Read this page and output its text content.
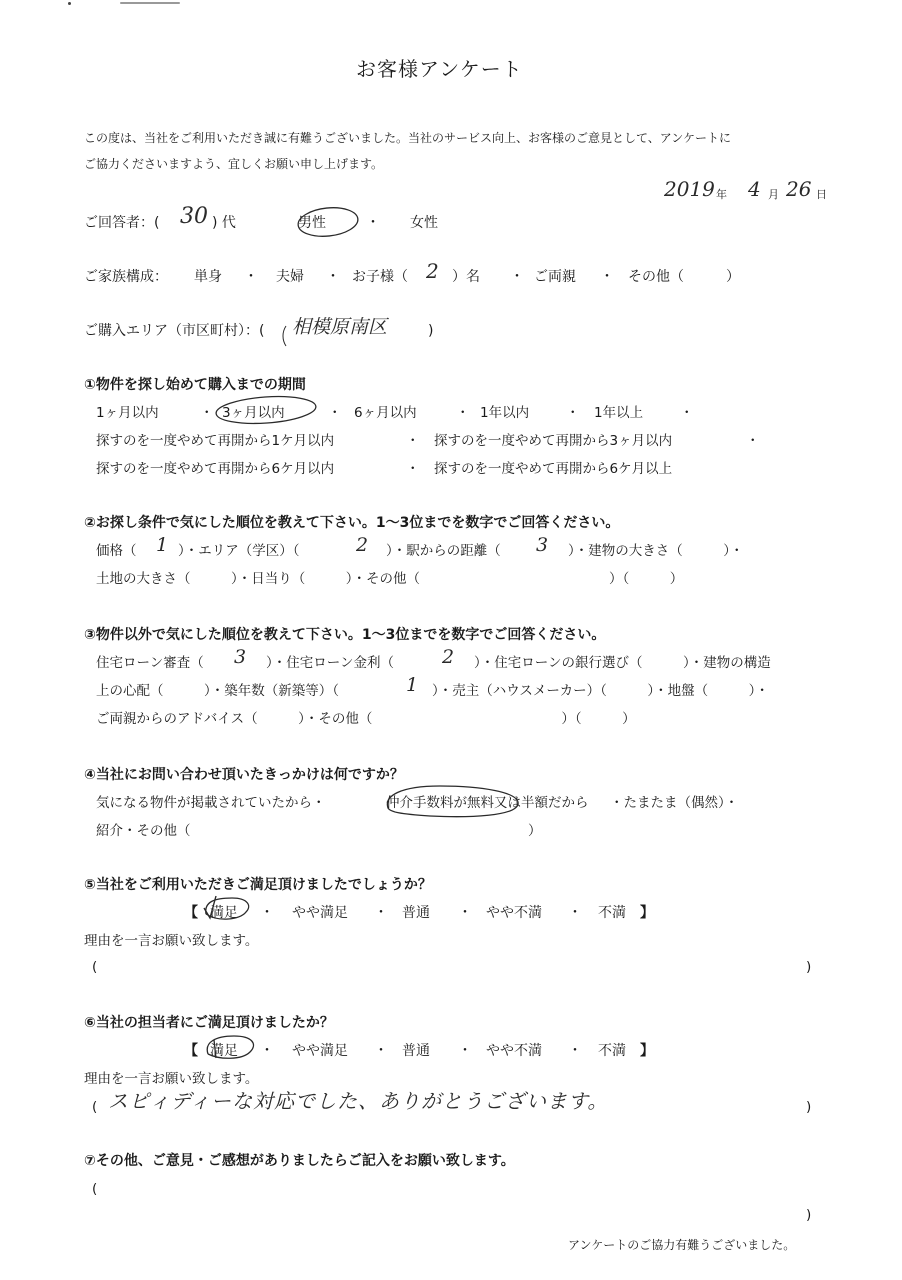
お客様アンケート
この度は、当社をご利用いただき誠に有難うございました。当社のサービス向上、お客様のご意見として、アンケートに
ご協力くださいますよう、宜しくお願い申し上げます。
2019 年 4 月 26 日
ご回答者：( 30 ) 代	男性	・ 女性
ご家族構成： 単身 ・ 夫婦 ・ お子様（ 2 ）名 ・ ご両親 ・ その他（　　　）
ご購入エリア（市区町村）：( 相模原南区	)
①物件を探し始めて購入までの期間
1ヶ月以内	・ 3ヶ月以内	・ 6ヶ月以内	・ 1年以内	・ 1年以上	・
探すのを一度やめて再開から1ケ月以内	・ 探すのを一度やめて再開から3ヶ月以内	・
探すのを一度やめて再開から6ケ月以内	・ 探すのを一度やめて再開から6ケ月以上
②お探し条件で気にした順位を教えて下さい。1～3位までを数字でご回答ください。
価格（ 1 ）・エリア（学区）（	2 ）・駅からの距離（ 3 ）・建物の大きさ（　　　）・
土地の大きさ（　　　）・日当り（　　　）・その他（　　　　　　　　　　　　　　）（　　　）
③物件以外で気にした順位を教えて下さい。1～3位までを数字でご回答ください。
住宅ローン審査（ 3 ）・住宅ローン金利（	2 ）・住宅ローンの銀行選び（　　　）・建物の構造
上の心配（　　　）・築年数（新築等）（	1 ）・売主（ハウスメーカー）（　　　）・地盤（　　　）・
ご両親からのアドバイス（　　　）・その他（　　　　　　　　　　　　　　）（　　　）
④当社にお問い合わせ頂いたきっかけは何ですか？
気になる物件が掲載されていたから・	仲介手数料が無料又は半額だから ・たまたま（偶然）・
紹介・その他（　　　　　　　　　　　　　　　　　　　　　　　　　）
⑤当社をご利用いただきご満足頂けましたでしょうか？
【 満足 ・ やや満足 ・ 普通 ・ やや不満 ・ 不満 】
理由を一言お願い致します。
(	)
⑥当社の担当者にご満足頂けましたか？
【 満足 ・ やや満足 ・ 普通 ・ やや不満 ・ 不満 】
理由を一言お願い致します。
( スピィディーな対応でした、ありがとうございます。	)
⑦その他、ご意見・ご感想がありましたらご記入をお願い致します。
(
)
アンケートのご協力有難うございました。
